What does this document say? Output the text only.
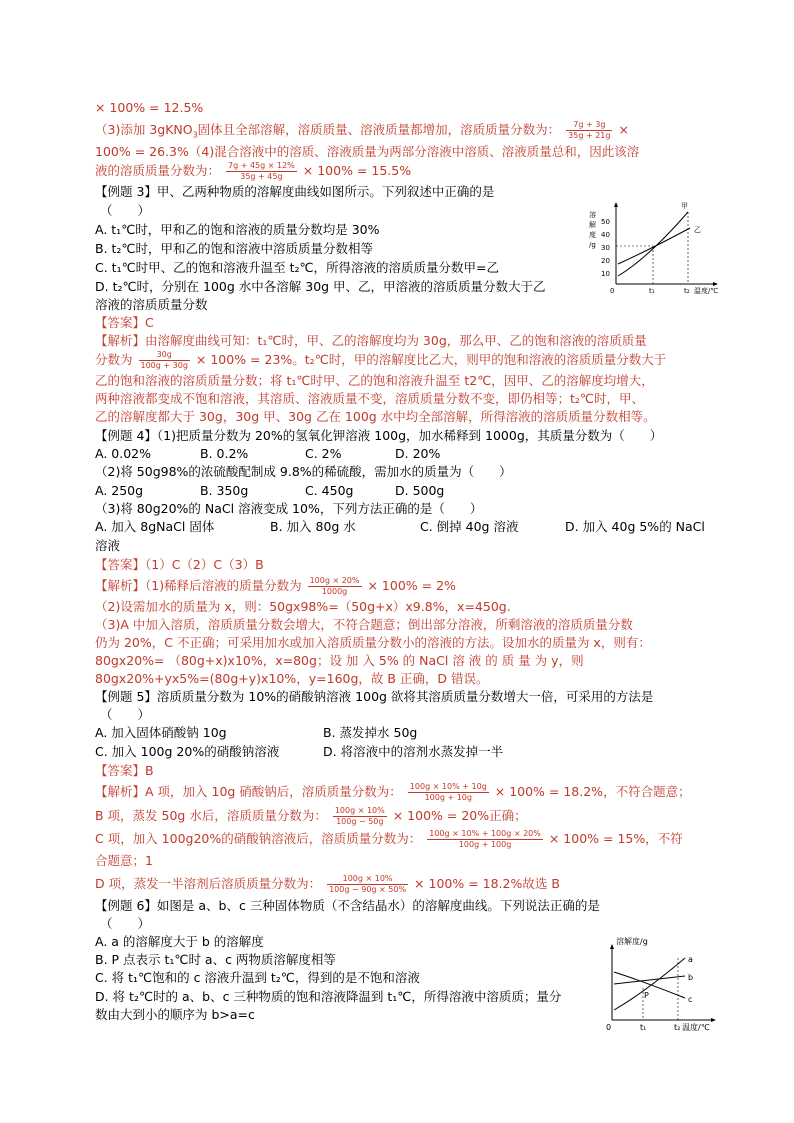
× 100% = 12.5%
（3)添加 3gKNO$_3$固体且全部溶解，溶质质量、溶液质量都增加，溶质质量分数为： $\frac{7g + 3g}{35g + 21g}$ ×
100% = 26.3%（4)混合溶液中的溶质、溶液质量为两部分溶液中溶质、溶液质量总和，因此该溶
液的溶质质量分数为： $\frac{7g + 45g \times 12\%}{35g + 45g} \times 100\% = 15.5\%$
【例题 3】甲、乙两种物质的溶解度曲线如图所示。下列叙述中正确的是
（　　）
A. t₁℃时，甲和乙的饱和溶液的质量分数均是 30%
B. t₂℃时，甲和乙的饱和溶液中溶质质量分数相等
C. t₁℃时甲、乙的饱和溶液升温至 t₂℃，所得溶液的溶质质量分数甲=乙
D. t₂℃时，分别在 100g 水中各溶解 30g 甲、乙，甲溶液的溶质质量分数大于乙
溶液的溶质质量分数
【答案】C
【解析】由溶解度曲线可知：t₁℃时，甲、乙的溶解度均为 30g，那么甲、乙的饱和溶液的溶质质量
分数为 $\frac{30g}{100g + 30g} \times 100\% = 23\%$。t₂℃时，甲的溶解度比乙大，则甲的饱和溶液的溶质质量分数大于
乙的饱和溶液的溶质质量分数；将 t₁℃时甲、乙的饱和溶液升温至 t2℃，因甲、乙的溶解度均增大，
两种溶液都变成不饱和溶液，其溶质、溶液质量不变，溶质质量分数不变，即仍相等；t₂℃时，甲、
乙的溶解度都大于 30g，30g 甲、30g 乙在 100g 水中均全部溶解，所得溶液的溶质质量分数相等。
溶
解
度
/g
50
40
30
20
10
0	t₁	t₂ 温度/℃
甲
乙
【例题 4】（1)把质量分数为 20%的氢氧化钾溶液 100g，加水稀释到 1000g，其质量分数为（　　）
A. 0.02%	B. 0.2%	C. 2%	D. 20%
（2)将 50g98%的浓硫酸配制成 9.8%的稀硫酸，需加水的质量为（　　）
A. 250g	B. 350g	C. 450g	D. 500g
（3)将 80g20%的 NaCl 溶液变成 10%，下列方法正确的是（　　）
A. 加入 8gNaCl 固体	B. 加入 80g 水	C. 倒掉 40g 溶液	D. 加入 40g 5%的 NaCl
溶液
【答案】（1）C（2）C（3）B
【解析】（1)稀释后溶液的质量分数为 $\frac{100g \times 20\%}{1000g} \times 100\% = 2\%$
（2)设需加水的质量为 x，则：50gx98%=（50g+x）x9.8%，x=450g.
（3)A 中加入溶质，溶质质量分数会增大，不符合题意；倒出部分溶液，所剩溶液的溶质质量分数
仍为 20%，C 不正确；可采用加水或加入溶质质量分数小的溶液的方法。设加水的质量为 x，则有：
80gx20%= （80g+x)x10%，x=80g；设 加 入 5% 的 NaCl 溶 液 的 质 量 为 y，则
80gx20%+yx5%=(80g+y)x10%，y=160g，故 B 正确，D 错误。
【例题 5】溶质质量分数为 10%的硝酸钠溶液 100g 欲将其溶质质量分数增大一倍，可采用的方法是
（　　）
A. 加入固体硝酸钠 10g	B. 蒸发掉水 50g
C. 加入 100g 20%的硝酸钠溶液	D. 将溶液中的溶剂水蒸发掉一半
【答案】B
【解析】A 项，加入 10g 硝酸钠后，溶质质量分数为： $\frac{100g \times 10\% + 10g}{100g + 10g} \times 100\% = 18.2\%$，不符合题意；
B 项，蒸发 50g 水后，溶质质量分数为： $\frac{100g \times 10\%}{100g - 50g} \times 100\% = 20\%$正确；
C 项，加入 100g20%的硝酸钠溶液后，溶质质量分数为： $\frac{100g \times 10\% + 100g \times 20\%}{100g + 100g} \times 100\% = 15\%$，不符
合题意；1
D 项，蒸发一半溶剂后溶质质量分数为： $\frac{100g \times 10\%}{100g - 90g \times 50\%} \times 100\% = 18.2\%$故选 B
【例题 6】如图是 a、b、c 三种固体物质（不含结晶水）的溶解度曲线。下列说法正确的是
（　　）
A. a 的溶解度大于 b 的溶解度
B. P 点表示 t₁℃时 a、c 两物质溶解度相等
C. 将 t₁℃饱和的 c 溶液升温到 t₂℃，得到的是不饱和溶液
D. 将 t₂℃时的 a、b、c 三种物质的饱和溶液降温到 t₁℃，所得溶液中溶质质；量分
数由大到小的顺序为 b>a=c
溶解度/g
0	t₁	t₂ 温度/℃
a
b
c
P
